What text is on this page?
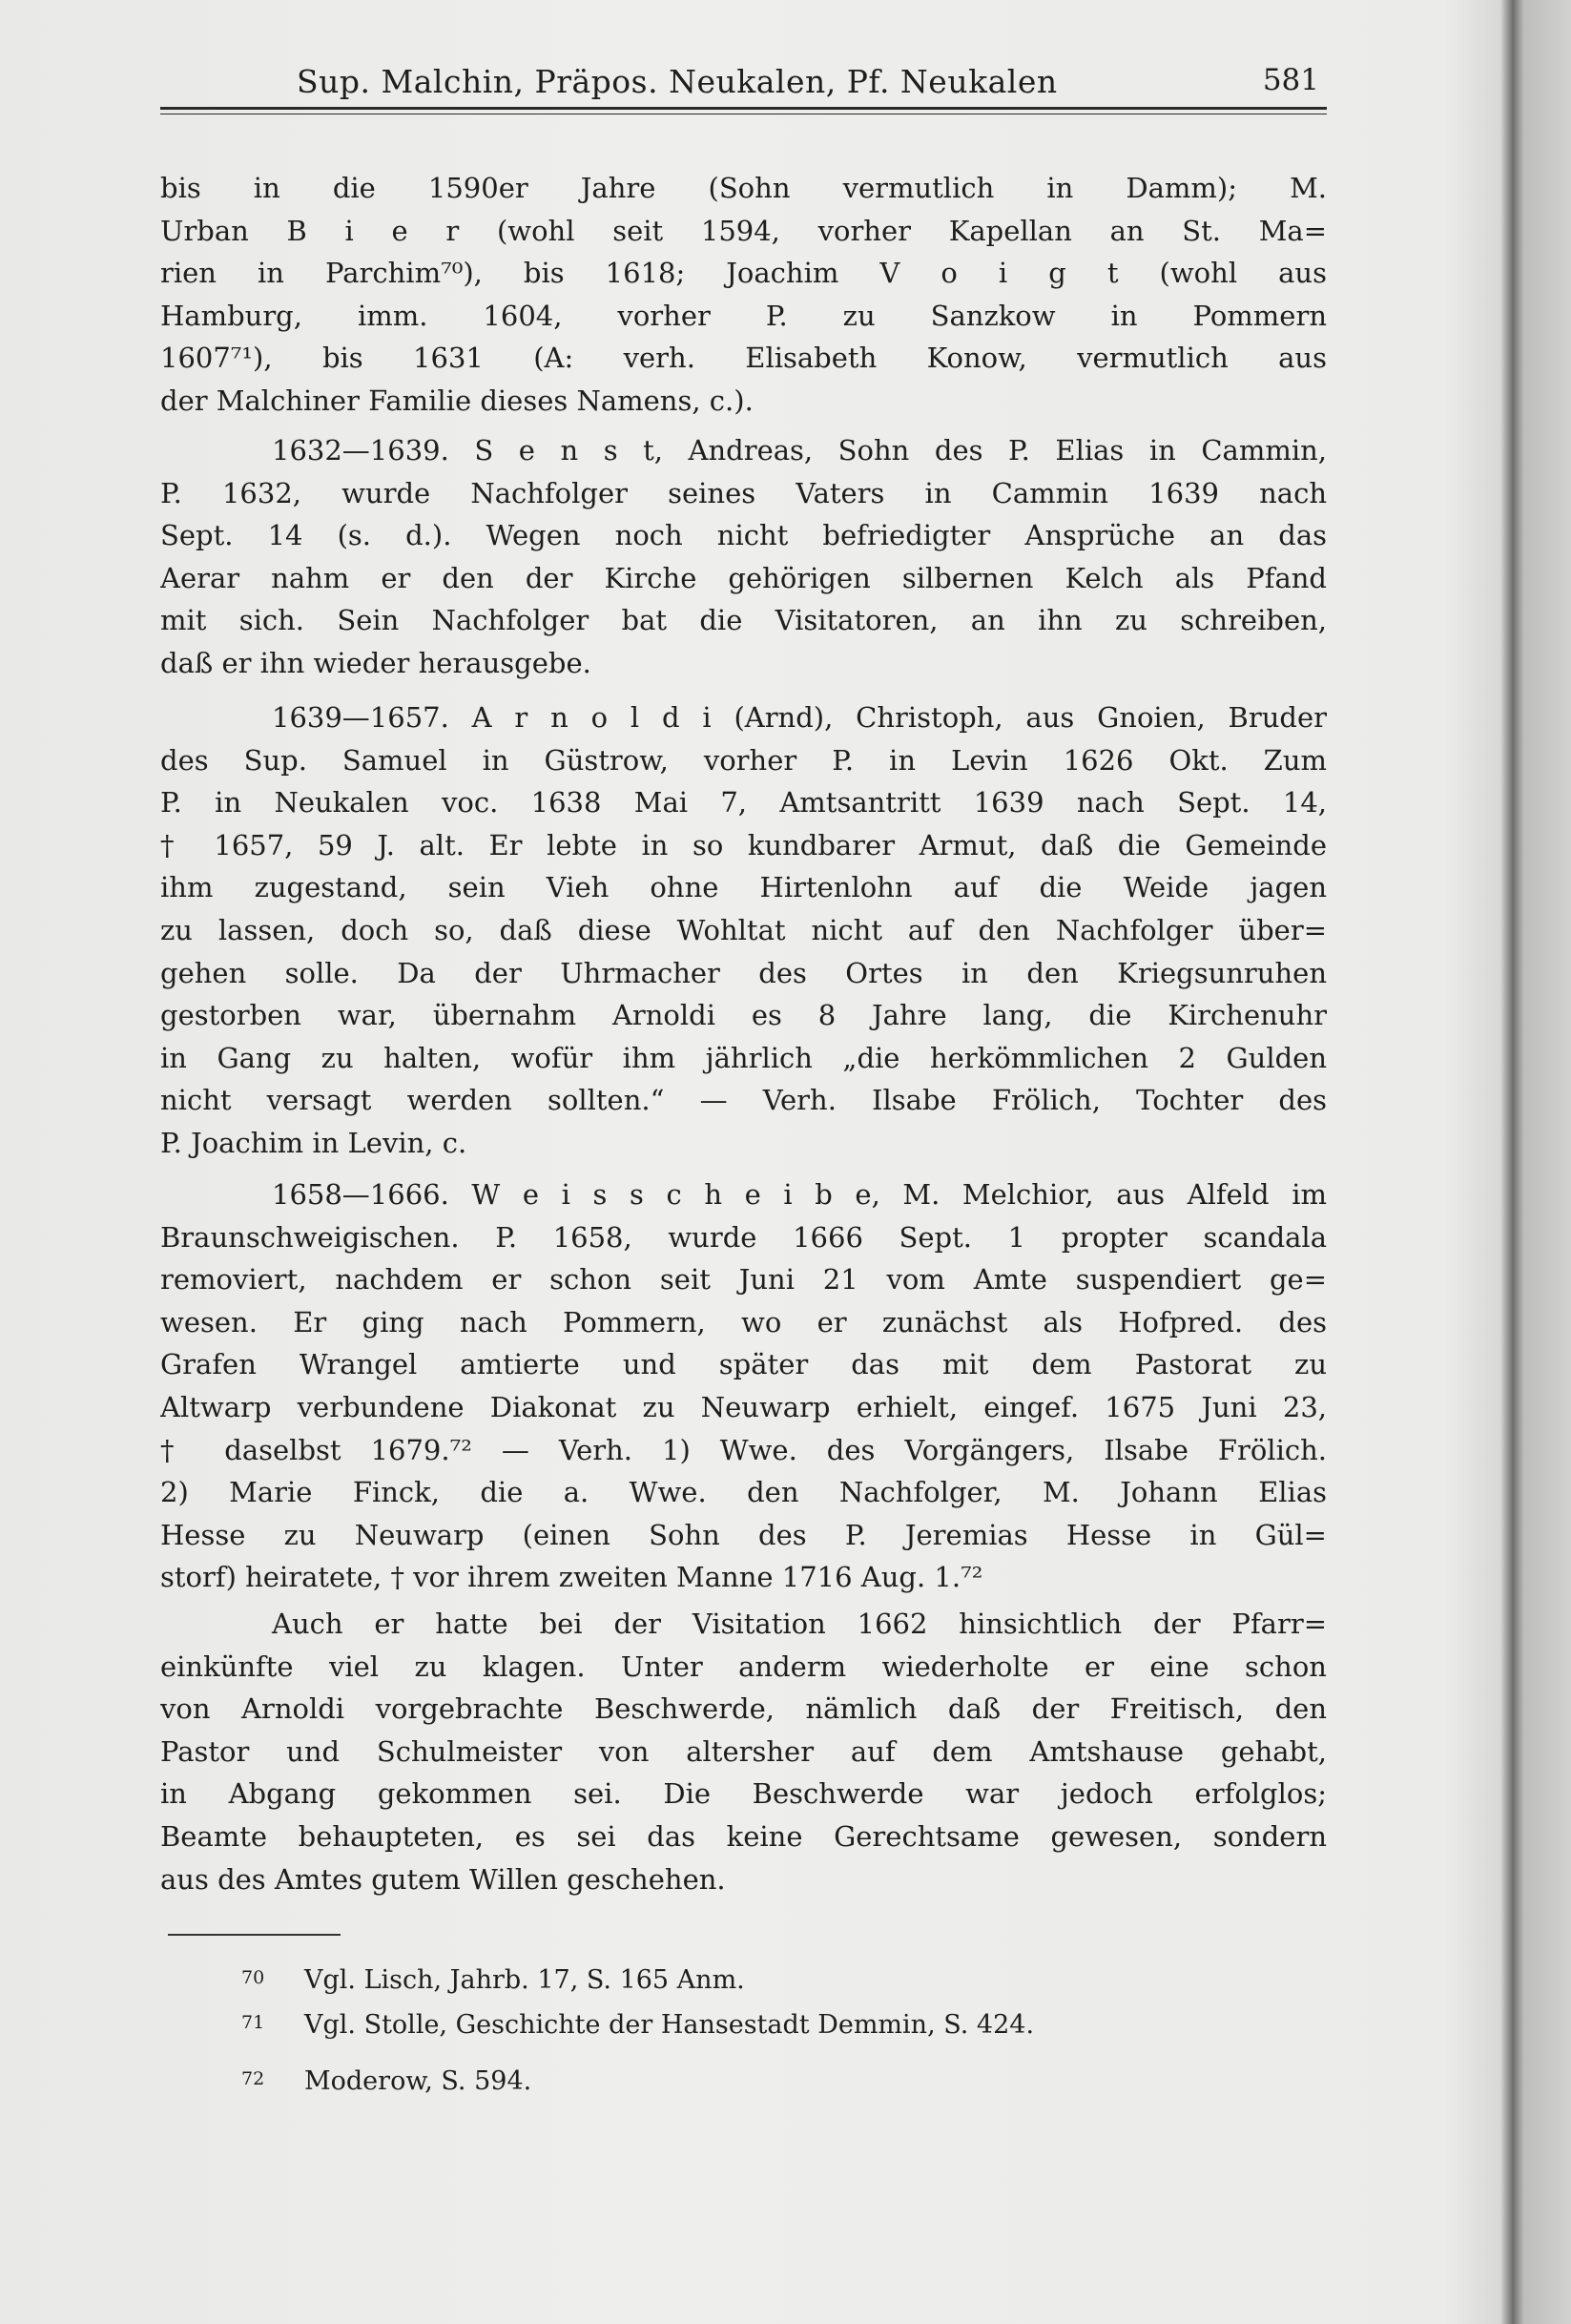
Sup. Malchin, Präpos. Neukalen, Pf. Neukalen	581
bis in die 1590er Jahre (Sohn vermutlich in Damm); M.
Urban B i e r (wohl seit 1594, vorher Kapellan an St. Ma=
rien in Parchim⁷⁰), bis 1618; Joachim V o i g t (wohl aus
Hamburg, imm. 1604, vorher P. zu Sanzkow in Pommern
1607⁷¹), bis 1631 (A: verh. Elisabeth Konow, vermutlich aus
der Malchiner Familie dieses Namens, c.).
1632—1639. S e n s t, Andreas, Sohn des P. Elias in Cammin,
P. 1632, wurde Nachfolger seines Vaters in Cammin 1639 nach
Sept. 14 (s. d.). Wegen noch nicht befriedigter Ansprüche an das
Aerar nahm er den der Kirche gehörigen silbernen Kelch als Pfand
mit sich. Sein Nachfolger bat die Visitatoren, an ihn zu schreiben,
daß er ihn wieder herausgebe.
1639—1657. A r n o l d i (Arnd), Christoph, aus Gnoien, Bruder
des Sup. Samuel in Güstrow, vorher P. in Levin 1626 Okt. Zum
P. in Neukalen voc. 1638 Mai 7, Amtsantritt 1639 nach Sept. 14,
† 1657, 59 J. alt. Er lebte in so kundbarer Armut, daß die Gemeinde
ihm zugestand, sein Vieh ohne Hirtenlohn auf die Weide jagen
zu lassen, doch so, daß diese Wohltat nicht auf den Nachfolger über=
gehen solle. Da der Uhrmacher des Ortes in den Kriegsunruhen
gestorben war, übernahm Arnoldi es 8 Jahre lang, die Kirchenuhr
in Gang zu halten, wofür ihm jährlich „die herkömmlichen 2 Gulden
nicht versagt werden sollten.“ — Verh. Ilsabe Frölich, Tochter des
P. Joachim in Levin, c.
1658—1666. W e i s s c h e i b e, M. Melchior, aus Alfeld im
Braunschweigischen. P. 1658, wurde 1666 Sept. 1 propter scandala
removiert, nachdem er schon seit Juni 21 vom Amte suspendiert ge=
wesen. Er ging nach Pommern, wo er zunächst als Hofpred. des
Grafen Wrangel amtierte und später das mit dem Pastorat zu
Altwarp verbundene Diakonat zu Neuwarp erhielt, eingef. 1675 Juni 23,
† daselbst 1679.⁷² — Verh. 1) Wwe. des Vorgängers, Ilsabe Frölich.
2) Marie Finck, die a. Wwe. den Nachfolger, M. Johann Elias
Hesse zu Neuwarp (einen Sohn des P. Jeremias Hesse in Gül=
storf) heiratete, † vor ihrem zweiten Manne 1716 Aug. 1.⁷²
Auch er hatte bei der Visitation 1662 hinsichtlich der Pfarr=
einkünfte viel zu klagen. Unter anderm wiederholte er eine schon
von Arnoldi vorgebrachte Beschwerde, nämlich daß der Freitisch, den
Pastor und Schulmeister von altersher auf dem Amtshause gehabt,
in Abgang gekommen sei. Die Beschwerde war jedoch erfolglos;
Beamte behaupteten, es sei das keine Gerechtsame gewesen, sondern
aus des Amtes gutem Willen geschehen.
70 Vgl. Lisch, Jahrb. 17, S. 165 Anm.
71 Vgl. Stolle, Geschichte der Hansestadt Demmin, S. 424.
72 Moderow, S. 594.
